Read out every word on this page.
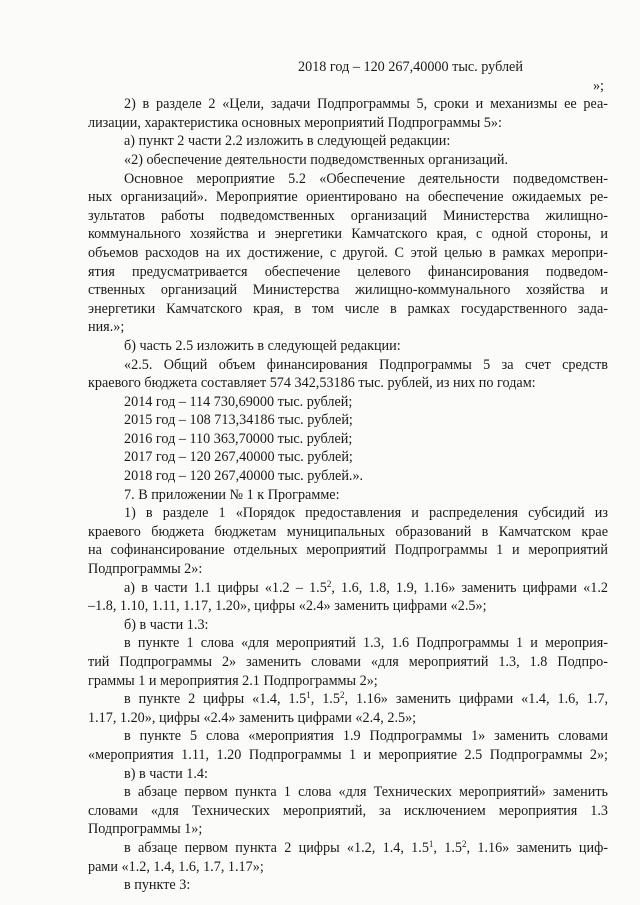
2018 год – 120 267,40000 тыс. рублей
»;
2) в разделе 2 «Цели, задачи Подпрограммы 5, сроки и механизмы ее реа-
лизации, характеристика основных мероприятий Подпрограммы 5»:
а) пункт 2 части 2.2 изложить в следующей редакции:
«2) обеспечение деятельности подведомственных организаций.
Основное мероприятие 5.2 «Обеспечение деятельности подведомствен-
ных организаций». Мероприятие ориентировано на обеспечение ожидаемых ре-
зультатов работы подведомственных организаций Министерства жилищно-
коммунального хозяйства и энергетики Камчатского края, с одной стороны, и
объемов расходов на их достижение, с другой. С этой целью в рамках меропри-
ятия предусматривается обеспечение целевого финансирования подведом-
ственных организаций Министерства жилищно-коммунального хозяйства и
энергетики Камчатского края, в том числе в рамках государственного зада-
ния.»;
б) часть 2.5 изложить в следующей редакции:
«2.5. Общий объем финансирования Подпрограммы 5 за счет средств
краевого бюджета составляет 574 342,53186 тыс. рублей, из них по годам:
2014 год – 114 730,69000 тыс. рублей;
2015 год – 108 713,34186 тыс. рублей;
2016 год – 110 363,70000 тыс. рублей;
2017 год – 120 267,40000 тыс. рублей;
2018 год – 120 267,40000 тыс. рублей.».
7. В приложении № 1 к Программе:
1) в разделе 1 «Порядок предоставления и распределения субсидий из
краевого бюджета бюджетам муниципальных образований в Камчатском крае
на софинансирование отдельных мероприятий Подпрограммы 1 и мероприятий
Подпрограммы 2»:
а) в части 1.1 цифры «$1.2 - 1.5^2$, 1.6, 1.8, 1.9, 1.16» заменить цифрами «1.2
–1.8, 1.10, 1.11, 1.17, 1.20», цифры «2.4» заменить цифрами «2.5»;
б) в части 1.3:
в пункте 1 слова «для мероприятий 1.3, 1.6 Подпрограммы 1 и мероприя-
тий Подпрограммы 2» заменить словами «для мероприятий 1.3, 1.8 Подпро-
граммы 1 и мероприятия 2.1 Подпрограммы 2»;
в пункте 2 цифры «1.4, $1.5^1$, $1.5^2$, 1.16» заменить цифрами «1.4, 1.6, 1.7,
1.17, 1.20», цифры «2.4» заменить цифрами «2.4, 2.5»;
в пункте 5 слова «мероприятия 1.9 Подпрограммы 1» заменить словами
«мероприятия 1.11, 1.20 Подпрограммы 1 и мероприятие 2.5 Подпрограммы 2»;
в) в части 1.4:
в абзаце первом пункта 1 слова «для Технических мероприятий» заменить
словами «для Технических мероприятий, за исключением мероприятия 1.3
Подпрограммы 1»;
в абзаце первом пункта 2 цифры «1.2, 1.4, $1.5^1$, $1.5^2$, 1.16» заменить циф-
рами «1.2, 1.4, 1.6, 1.7, 1.17»;
в пункте 3:
